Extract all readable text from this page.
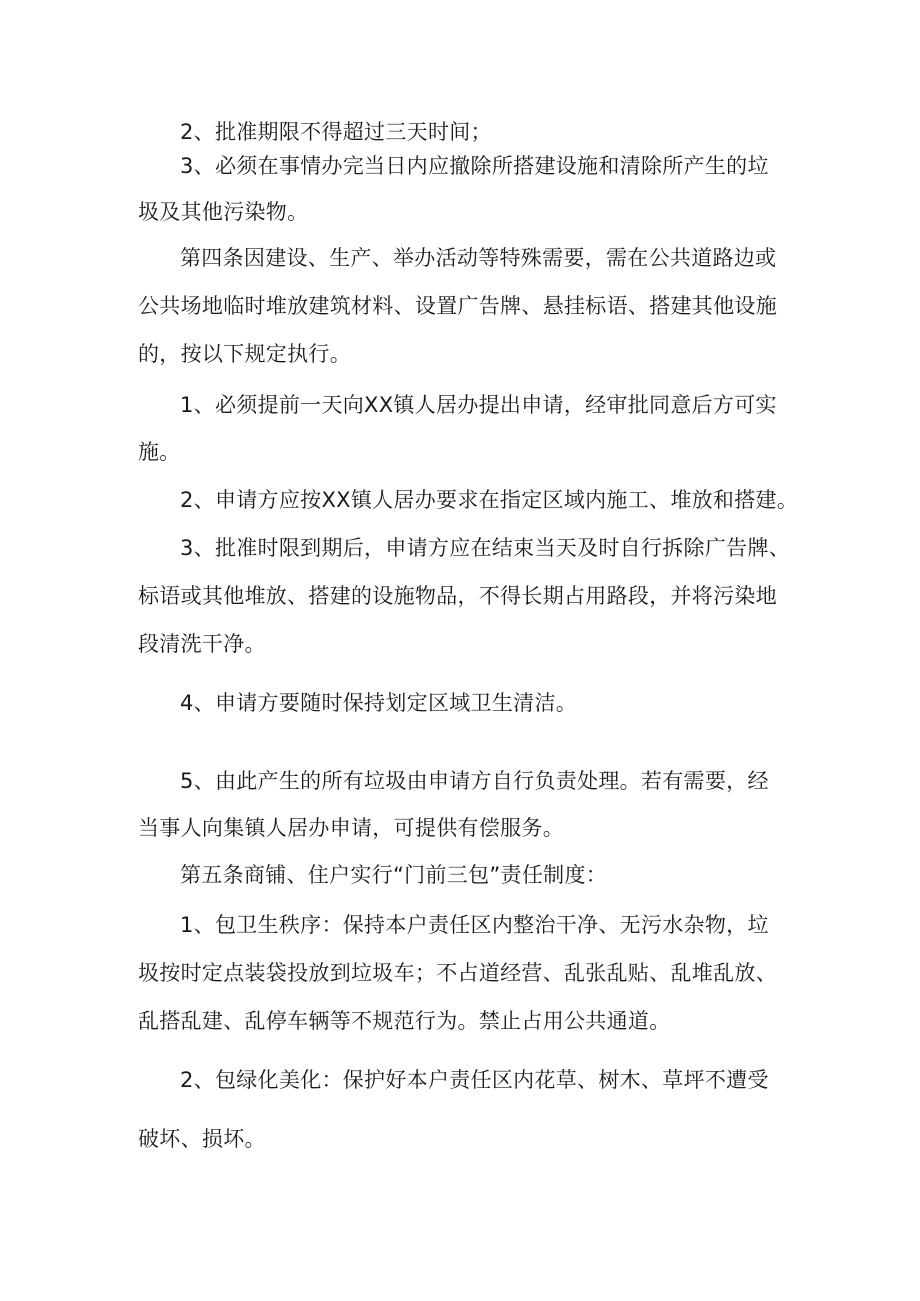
2、批准期限不得超过三天时间；
3、必须在事情办完当日内应撤除所搭建设施和清除所产生的垃
圾及其他污染物。
第四条因建设、生产、举办活动等特殊需要，需在公共道路边或
公共场地临时堆放建筑材料、设置广告牌、悬挂标语、搭建其他设施
的，按以下规定执行。
1、必须提前一天向XX镇人居办提出申请，经审批同意后方可实
施。
2、申请方应按XX镇人居办要求在指定区域内施工、堆放和搭建。
3、批准时限到期后，申请方应在结束当天及时自行拆除广告牌、
标语或其他堆放、搭建的设施物品，不得长期占用路段，并将污染地
段清洗干净。
4、申请方要随时保持划定区域卫生清洁。
5、由此产生的所有垃圾由申请方自行负责处理。若有需要，经
当事人向集镇人居办申请，可提供有偿服务。
第五条商铺、住户实行“门前三包”责任制度：
1、包卫生秩序：保持本户责任区内整治干净、无污水杂物，垃
圾按时定点装袋投放到垃圾车；不占道经营、乱张乱贴、乱堆乱放、
乱搭乱建、乱停车辆等不规范行为。禁止占用公共通道。
2、包绿化美化：保护好本户责任区内花草、树木、草坪不遭受
破坏、损坏。
